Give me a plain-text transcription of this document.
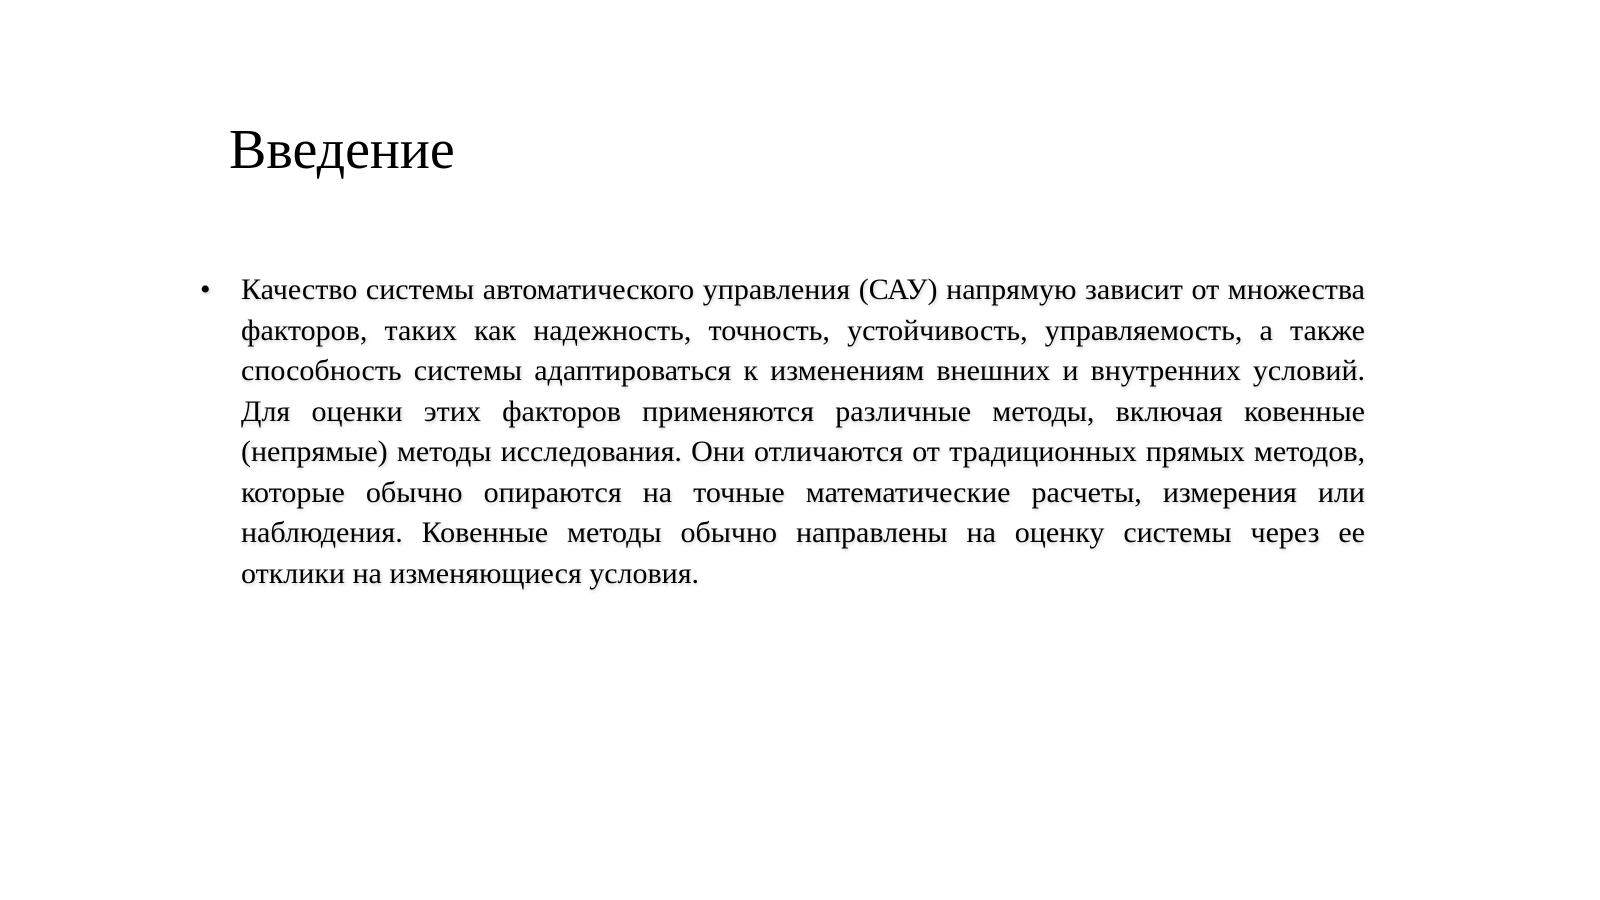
Введение
• Качество системы автоматического управления (САУ) напрямую зависит от множества факторов, таких как надежность, точность, устойчивость, управляемость, а также способность системы адаптироваться к изменениям внешних и внутренних условий. Для оценки этих факторов применяются различные методы, включая ковенные (непрямые) методы исследования. Они отличаются от традиционных прямых методов, которые обычно опираются на точные математические расчеты, измерения или наблюдения. Ковенные методы обычно направлены на оценку системы через ее отклики на изменяющиеся условия.
